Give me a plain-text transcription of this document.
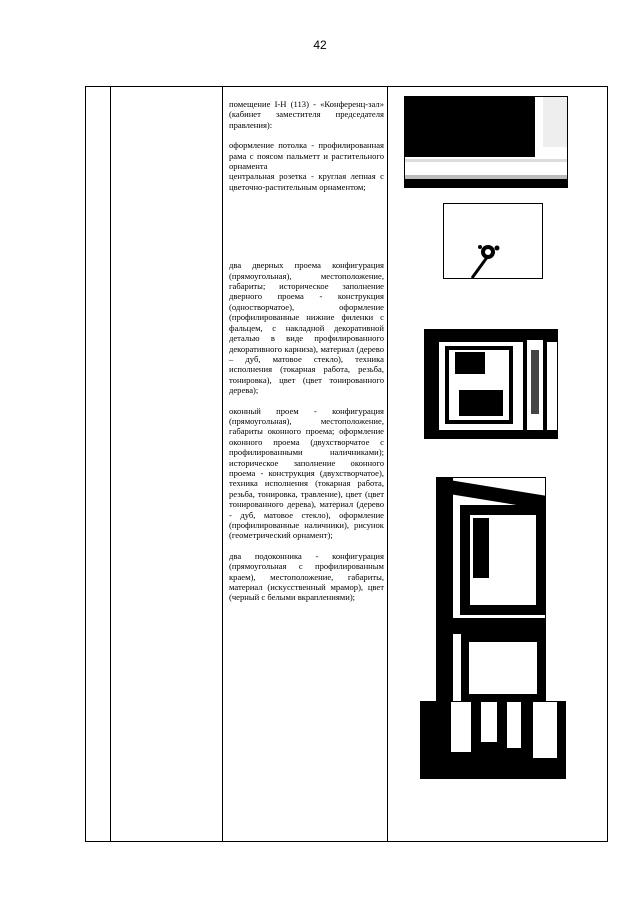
42

помещение I-Н (113) - «Конференц-зал» (кабинет заместителя председателя правления):

оформление потолка - профилированная рама с поясом пальметт и растительного орнамента

центральная розетка - круглая лепная с цветочно-растительным орнаментом;

два дверных проема конфигурация (прямоугольная), местоположение, габариты; историческое заполнение дверного проема - конструкция (одностворчатое), оформление (профилированные нижние филенки с фальцем, с накладной декоративной деталью в виде профилированного декоративного карниза), материал (дерево – дуб, матовое стекло), техника исполнения (токарная работа, резьба, тонировка), цвет (цвет тонированного дерева);

оконный проем - конфигурация (прямоугольная), местоположение, габариты оконного проема; оформление оконного проема (двухстворчатое с профилированными наличниками); историческое заполнение оконного проема - конструкция (двухстворчатое), техника исполнения (токарная работа, резьба, тонировка, травление), цвет (цвет тонированного дерева), материал (дерево - дуб, матовое стекло), оформление (профилированные наличники), рисунок (геометрический орнамент);

два подоконника - конфигурация (прямоугольная с профилированным краем), местоположение, габариты, материал (искусственный мрамор), цвет (черный с белыми вкраплениями);
